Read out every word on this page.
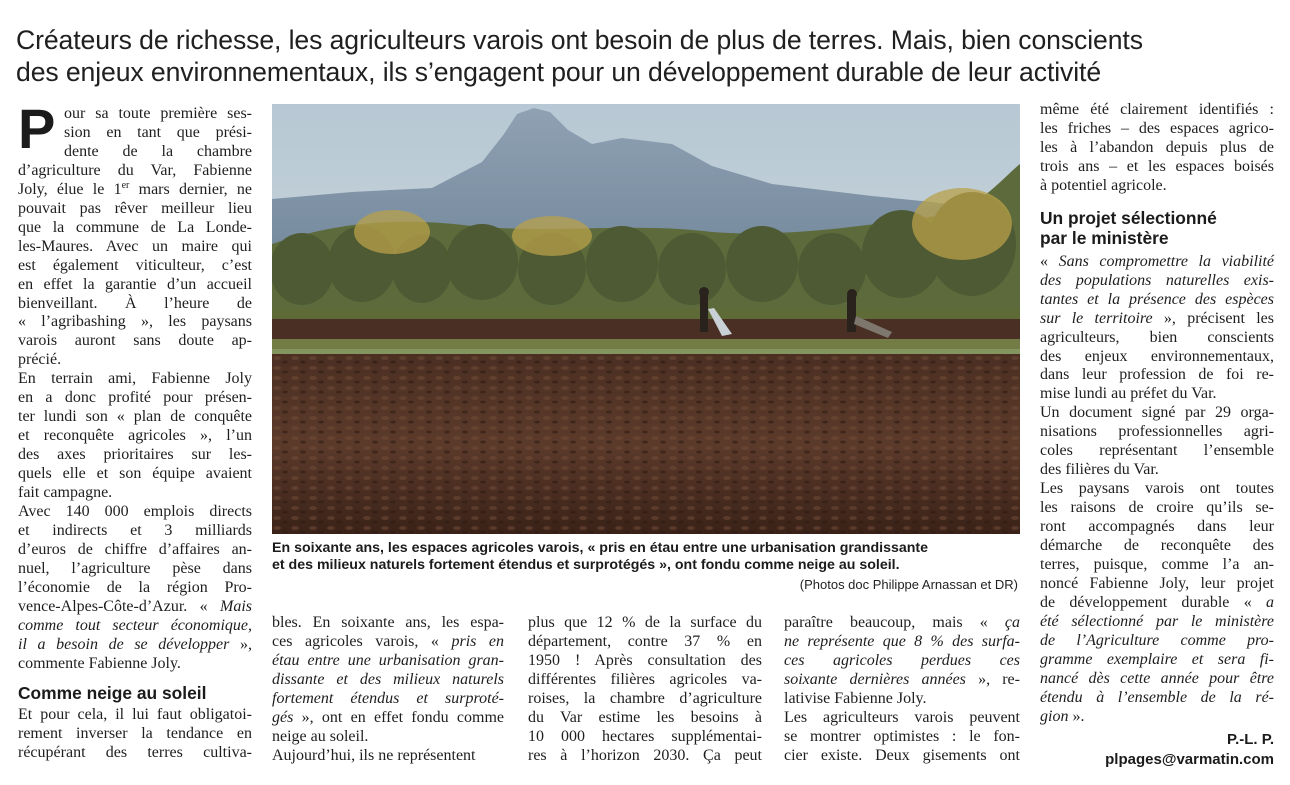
Créateurs de richesse, les agriculteurs varois ont besoin de plus de terres. Mais, bien conscients
des enjeux environnementaux, ils s’engagent pour un développement durable de leur activité
P our sa toute première ses-
sion en tant que prési-
dente de la chambre
d’agriculture du Var, Fabienne
Joly, élue le 1er mars dernier, ne
pouvait pas rêver meilleur lieu
que la commune de La Londe-
les-Maures. Avec un maire qui
est également viticulteur, c’est
en effet la garantie d’un accueil
bienveillant. À l’heure de
« l’agribashing », les paysans
varois auront sans doute ap-
précié.
En terrain ami, Fabienne Joly
en a donc profité pour présen-
ter lundi son « plan de conquête
et reconquête agricoles », l’un
des axes prioritaires sur les-
quels elle et son équipe avaient
fait campagne.
Avec 140 000 emplois directs
et indirects et 3 milliards
d’euros de chiffre d’affaires an-
nuel, l’agriculture pèse dans
l’économie de la région Pro-
vence-Alpes-Côte-d’Azur. « Mais
comme tout secteur économique,
il a besoin de se développer »,
commente Fabienne Joly.
Comme neige au soleil
Et pour cela, il lui faut obligatoi-
rement inverser la tendance en
récupérant des terres cultiva-
En soixante ans, les espaces agricoles varois, « pris en étau entre une urbanisation grandissante
et des milieux naturels fortement étendus et surprotégés », ont fondu comme neige au soleil.
(Photos doc Philippe Arnassan et DR)
bles. En soixante ans, les espa-
ces agricoles varois, « pris en
étau entre une urbanisation gran-
dissante et des milieux naturels
fortement étendus et surproté-
gés », ont en effet fondu comme
neige au soleil.
Aujourd’hui, ils ne représentent
plus que 12 % de la surface du
département, contre 37 % en
1950 ! Après consultation des
différentes filières agricoles va-
roises, la chambre d’agriculture
du Var estime les besoins à
10 000 hectares supplémentai-
res à l’horizon 2030. Ça peut
paraître beaucoup, mais « ça
ne représente que 8 % des surfa-
ces agricoles perdues ces
soixante dernières années », re-
lativise Fabienne Joly.
Les agriculteurs varois peuvent
se montrer optimistes : le fon-
cier existe. Deux gisements ont
même été clairement identifiés :
les friches – des espaces agrico-
les à l’abandon depuis plus de
trois ans – et les espaces boisés
à potentiel agricole.
Un projet sélectionné
par le ministère
« Sans compromettre la viabilité
des populations naturelles exis-
tantes et la présence des espèces
sur le territoire », précisent les
agriculteurs, bien conscients
des enjeux environnementaux,
dans leur profession de foi re-
mise lundi au préfet du Var.
Un document signé par 29 orga-
nisations professionnelles agri-
coles représentant l’ensemble
des filières du Var.
Les paysans varois ont toutes
les raisons de croire qu’ils se-
ront accompagnés dans leur
démarche de reconquête des
terres, puisque, comme l’a an-
noncé Fabienne Joly, leur projet
de développement durable « a
été sélectionné par le ministère
de l’Agriculture comme pro-
gramme exemplaire et sera fi-
nancé dès cette année pour être
étendu à l’ensemble de la ré-
gion ».
P.-L. P.
plpages@varmatin.com
